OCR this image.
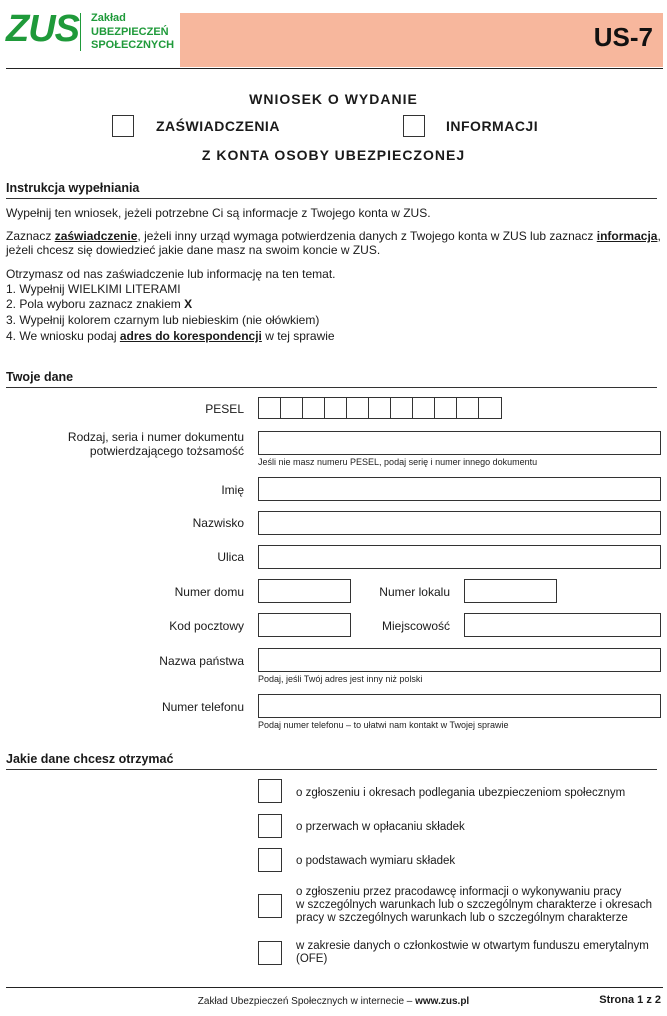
ZUS Zakład
UBEZPIECZEŃ
SPOŁECZNYCH	US-7
WNIOSEK O WYDANIE
ZAŚWIADCZENIA	INFORMACJI
Z KONTA OSOBY UBEZPIECZONEJ
Instrukcja wypełniania
Wypełnij ten wniosek, jeżeli potrzebne Ci są informacje z Twojego konta w ZUS.
Zaznacz zaświadczenie, jeżeli inny urząd wymaga potwierdzenia danych z Twojego konta w ZUS lub zaznacz informacja,
jeżeli chcesz się dowiedzieć jakie dane masz na swoim koncie w ZUS.
Otrzymasz od nas zaświadczenie lub informację na ten temat.
1. Wypełnij WIELKIMI LITERAMI
2. Pola wyboru zaznacz znakiem X
3. Wypełnij kolorem czarnym lub niebieskim (nie ołówkiem)
4. We wniosku podaj adres do korespondencji w tej sprawie
Twoje dane
PESEL
Rodzaj, seria i numer dokumentu
potwierdzającego tożsamość
Jeśli nie masz numeru PESEL, podaj serię i numer innego dokumentu
Imię
Nazwisko
Ulica
Numer domu	Numer lokalu
Kod pocztowy	Miejscowość
Nazwa państwa
Podaj, jeśli Twój adres jest inny niż polski
Numer telefonu
Podaj numer telefonu – to ułatwi nam kontakt w Twojej sprawie
Jakie dane chcesz otrzymać
o zgłoszeniu i okresach podlegania ubezpieczeniom społecznym
o przerwach w opłacaniu składek
o podstawach wymiaru składek
o zgłoszeniu przez pracodawcę informacji o wykonywaniu pracy
w szczególnych warunkach lub o szczególnym charakterze i okresach
pracy w szczególnych warunkach lub o szczególnym charakterze
w zakresie danych o członkostwie w otwartym funduszu emerytalnym
(OFE)
Zakład Ubezpieczeń Społecznych w internecie – www.zus.pl	Strona 1 z 2
